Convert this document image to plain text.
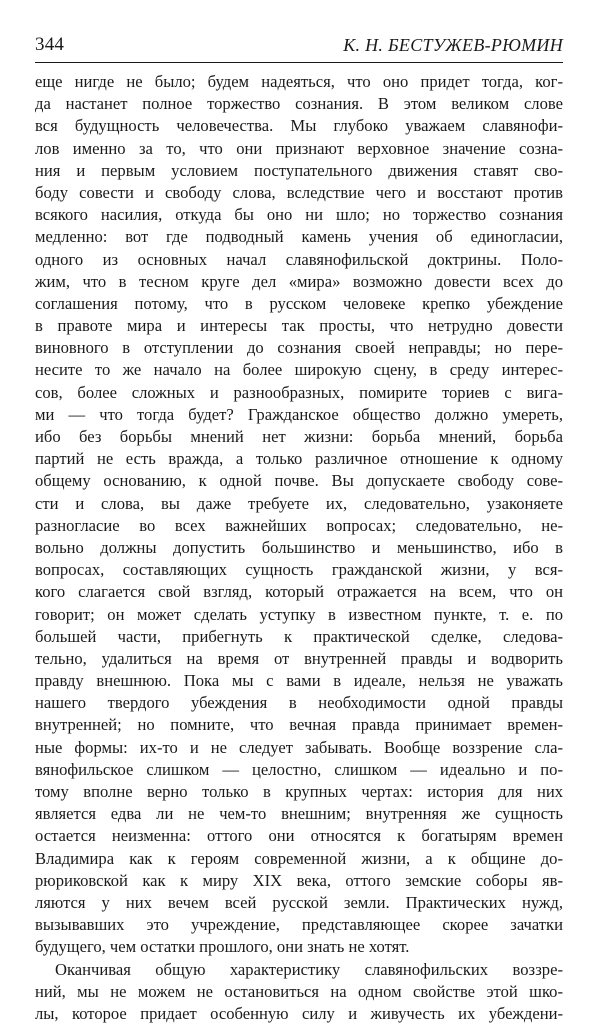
344	К. Н. БЕСТУЖЕВ-РЮМИН
еще нигде не было; будем надеяться, что оно придет тогда, ког-
да настанет полное торжество сознания. В этом великом слове
вся будущность человечества. Мы глубоко уважаем славянофи-
лов именно за то, что они признают верховное значение созна-
ния и первым условием поступательного движения ставят сво-
боду совести и свободу слова, вследствие чего и восстают против
всякого насилия, откуда бы оно ни шло; но торжество сознания
медленно: вот где подводный камень учения об единогласии,
одного из основных начал славянофильской доктрины. Поло-
жим, что в тесном круге дел «мира» возможно довести всех до
соглашения потому, что в русском человеке крепко убеждение
в правоте мира и интересы так просты, что нетрудно довести
виновного в отступлении до сознания своей неправды; но пере-
несите то же начало на более широкую сцену, в среду интерес-
сов, более сложных и разнообразных, помирите ториев с вига-
ми — что тогда будет? Гражданское общество должно умереть,
ибо без борьбы мнений нет жизни: борьба мнений, борьба
партий не есть вражда, а только различное отношение к одному
общему основанию, к одной почве. Вы допускаете свободу сове-
сти и слова, вы даже требуете их, следовательно, узаконяете
разногласие во всех важнейших вопросах; следовательно, не-
вольно должны допустить большинство и меньшинство, ибо в
вопросах, составляющих сущность гражданской жизни, у вся-
кого слагается свой взгляд, который отражается на всем, что он
говорит; он может сделать уступку в известном пункте, т. е. по
большей части, прибегнуть к практической сделке, следова-
тельно, удалиться на время от внутренней правды и водворить
правду внешнюю. Пока мы с вами в идеале, нельзя не уважать
нашего твердого убеждения в необходимости одной правды
внутренней; но помните, что вечная правда принимает времен-
ные формы: их-то и не следует забывать. Вообще воззрение сла-
вянофильское слишком — целостно, слишком — идеально и по-
тому вполне верно только в крупных чертах: история для них
является едва ли не чем-то внешним; внутренняя же сущность
остается неизменна: оттого они относятся к богатырям времен
Владимира как к героям современной жизни, а к общине до-
рюриковской как к миру XIX века, оттого земские соборы яв-
ляются у них вечем всей русской земли. Практических нужд,
вызывавших это учреждение, представляющее скорее зачатки
будущего, чем остатки прошлого, они знать не хотят.
Оканчивая общую характеристику славянофильских воззре-
ний, мы не можем не остановиться на одном свойстве этой шко-
лы, которое придает особенную силу и живучесть их убеждени-
